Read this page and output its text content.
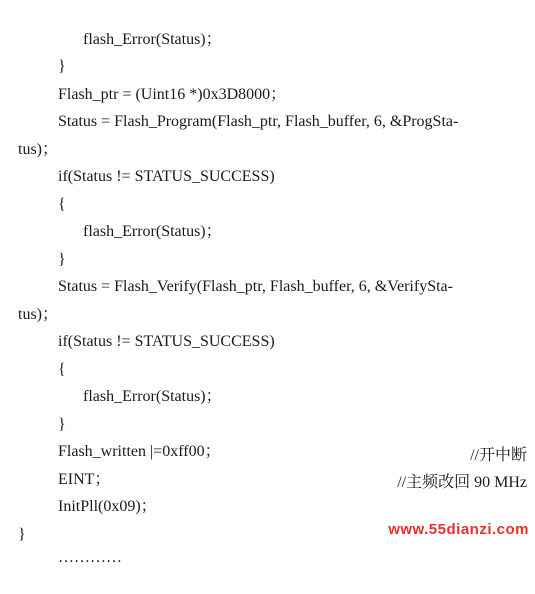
flash_Error(Status)；

}

Flash_ptr = (Uint16 *)0x3D8000；

Status = Flash_Program(Flash_ptr, Flash_buffer, 6, &ProgSta-

tus)；

if(Status != STATUS_SUCCESS)

{

flash_Error(Status)；

}

Status = Flash_Verify(Flash_ptr, Flash_buffer, 6, &VerifySta-

tus)；

if(Status != STATUS_SUCCESS)

{

flash_Error(Status)；

}

Flash_written |=0xff00；

EINT；

//开中断

InitPll(0x09)；

//主频改回 90 MHz

}

…………

www.55dianzi.com
